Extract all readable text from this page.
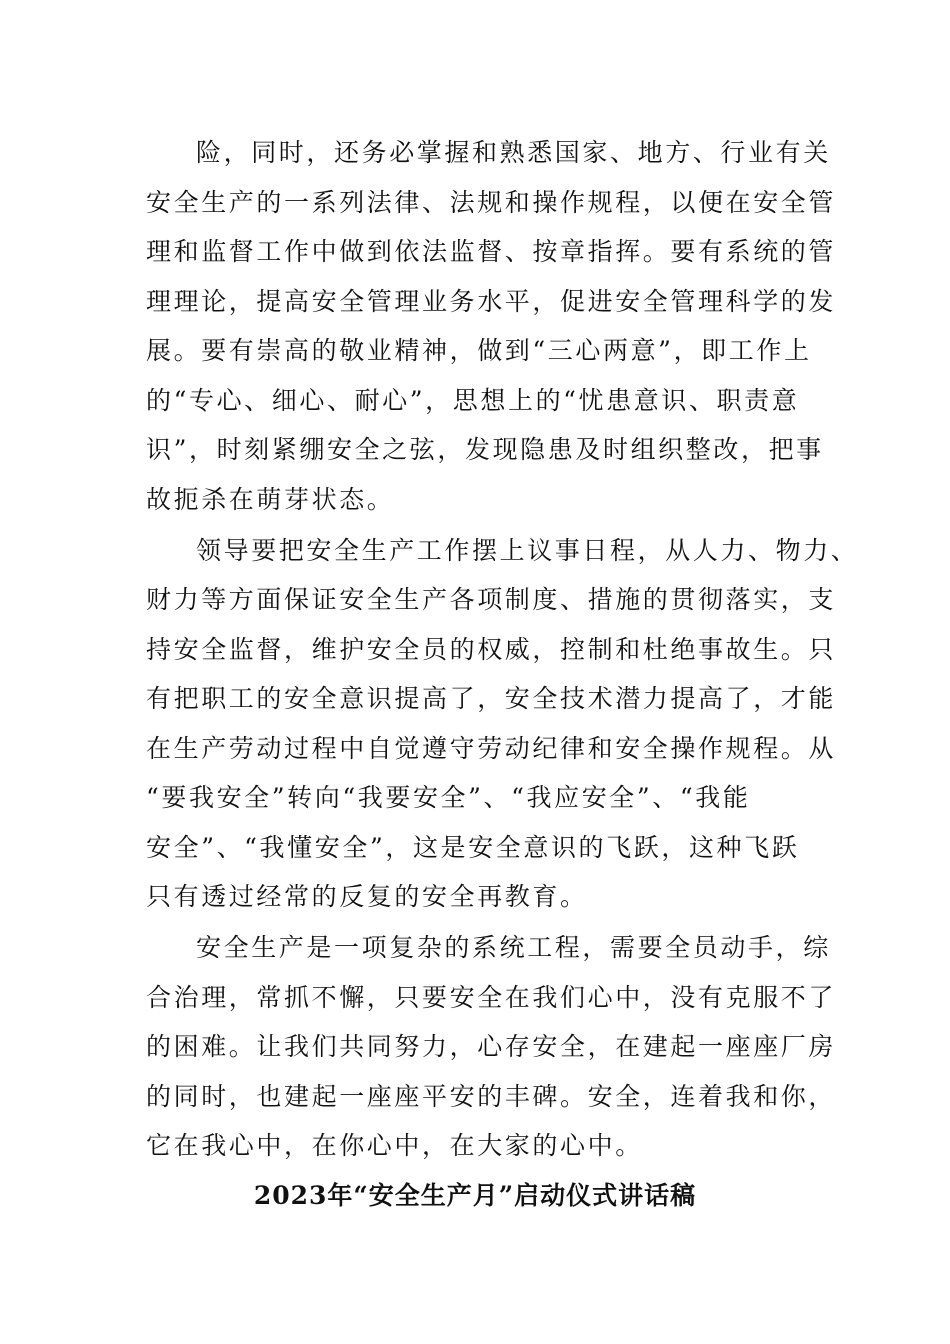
险，同时，还务必掌握和熟悉国家、地方、行业有关
安全生产的一系列法律、法规和操作规程，以便在安全管
理和监督工作中做到依法监督、按章指挥。要有系统的管
理理论，提高安全管理业务水平，促进安全管理科学的发
展。要有崇高的敬业精神，做到“三心两意”，即工作上
的“专心、细心、耐心”，思想上的“忧患意识、职责意
识”，时刻紧绷安全之弦，发现隐患及时组织整改，把事
故扼杀在萌芽状态。
领导要把安全生产工作摆上议事日程，从人力、物力、
财力等方面保证安全生产各项制度、措施的贯彻落实，支
持安全监督，维护安全员的权威，控制和杜绝事故生。只
有把职工的安全意识提高了，安全技术潜力提高了，才能
在生产劳动过程中自觉遵守劳动纪律和安全操作规程。从
“要我安全”转向“我要安全”、“我应安全”、“我能
安全”、“我懂安全”，这是安全意识的飞跃，这种飞跃
只有透过经常的反复的安全再教育。
安全生产是一项复杂的系统工程，需要全员动手，综
合治理，常抓不懈，只要安全在我们心中，没有克服不了
的困难。让我们共同努力，心存安全，在建起一座座厂房
的同时，也建起一座座平安的丰碑。安全，连着我和你，
它在我心中，在你心中，在大家的心中。
2023年“安全生产月”启动仪式讲话稿
